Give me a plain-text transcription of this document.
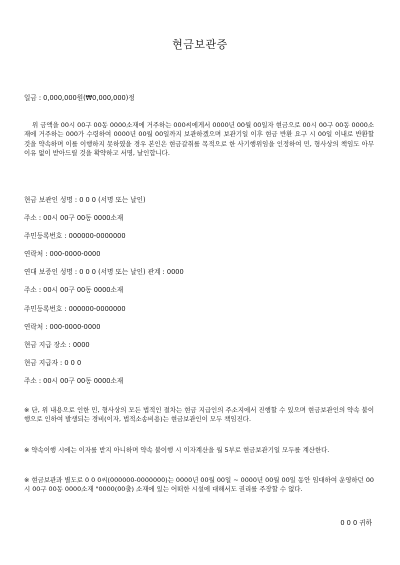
현금보관증
일금 : 0,000,000원(₩0,000,000)정
위 금액을 00시 00구 00동 0000소재에 거주하는 000씨에게서 0000년 00월 00일자 현금으로 00시 00구 00동 0000소재에 거주하는 000가 수령하여 0000년 00월 00일까지 보관하겠으며 보관기일 이후 현금 반환 요구 시 00일 이내로 반환할 것을 약속하며 이를 이행하지 못하였을 경우 본인은 현금갈취를 목적으로 한 사기행위임을 인정하여 민, 형사상의 책임도 아무 이유 없이 받아드릴 것을 확약하고 서명, 날인합니다.
현금 보관인 성명 : 0 0 0 (서명 또는 날인)
주소 : 00시 00구 00동 0000소재
주민등록번호 : 000000-0000000
연락처 : 000-0000-0000
연대 보증인 성명 : 0 0 0 (서명 또는 날인) 관계 : 0000
주소 : 00시 00구 00동 0000소재
주민등록번호 : 000000-0000000
연락처 : 000-0000-0000
현금 지급 장소 : 0000
현금 지급자 : 0 0 0
주소 : 00시 00구 00동 0000소재
※ 단, 위 내용으로 인한 민, 형사상의 모든 법적인 절차는 현금 지급인의 주소지에서 진행할 수 있으며 현금보관인의 약속 불이행으로 인하여 발생되는 경비(이자, 법적소송비용)는 현금보관인이 모두 책임진다.
※ 약속이행 시에는 이자를 받지 아니하며 약속 불이행 시 이자계산을 월 5부로 현금보관기일 모두를 계산한다.
※ 현금보관과 별도로 0 0 0씨(000000-0000000)는 0000년 00월 00일 ~ 0000년 00월 00일 동안 임대하여 운영하던 00시 00구 00동 0000소재 "0000(00출) 소재에 있는 어떠한 시설에 대해서도 권리를 주장할 수 없다.
0 0 0 귀하
